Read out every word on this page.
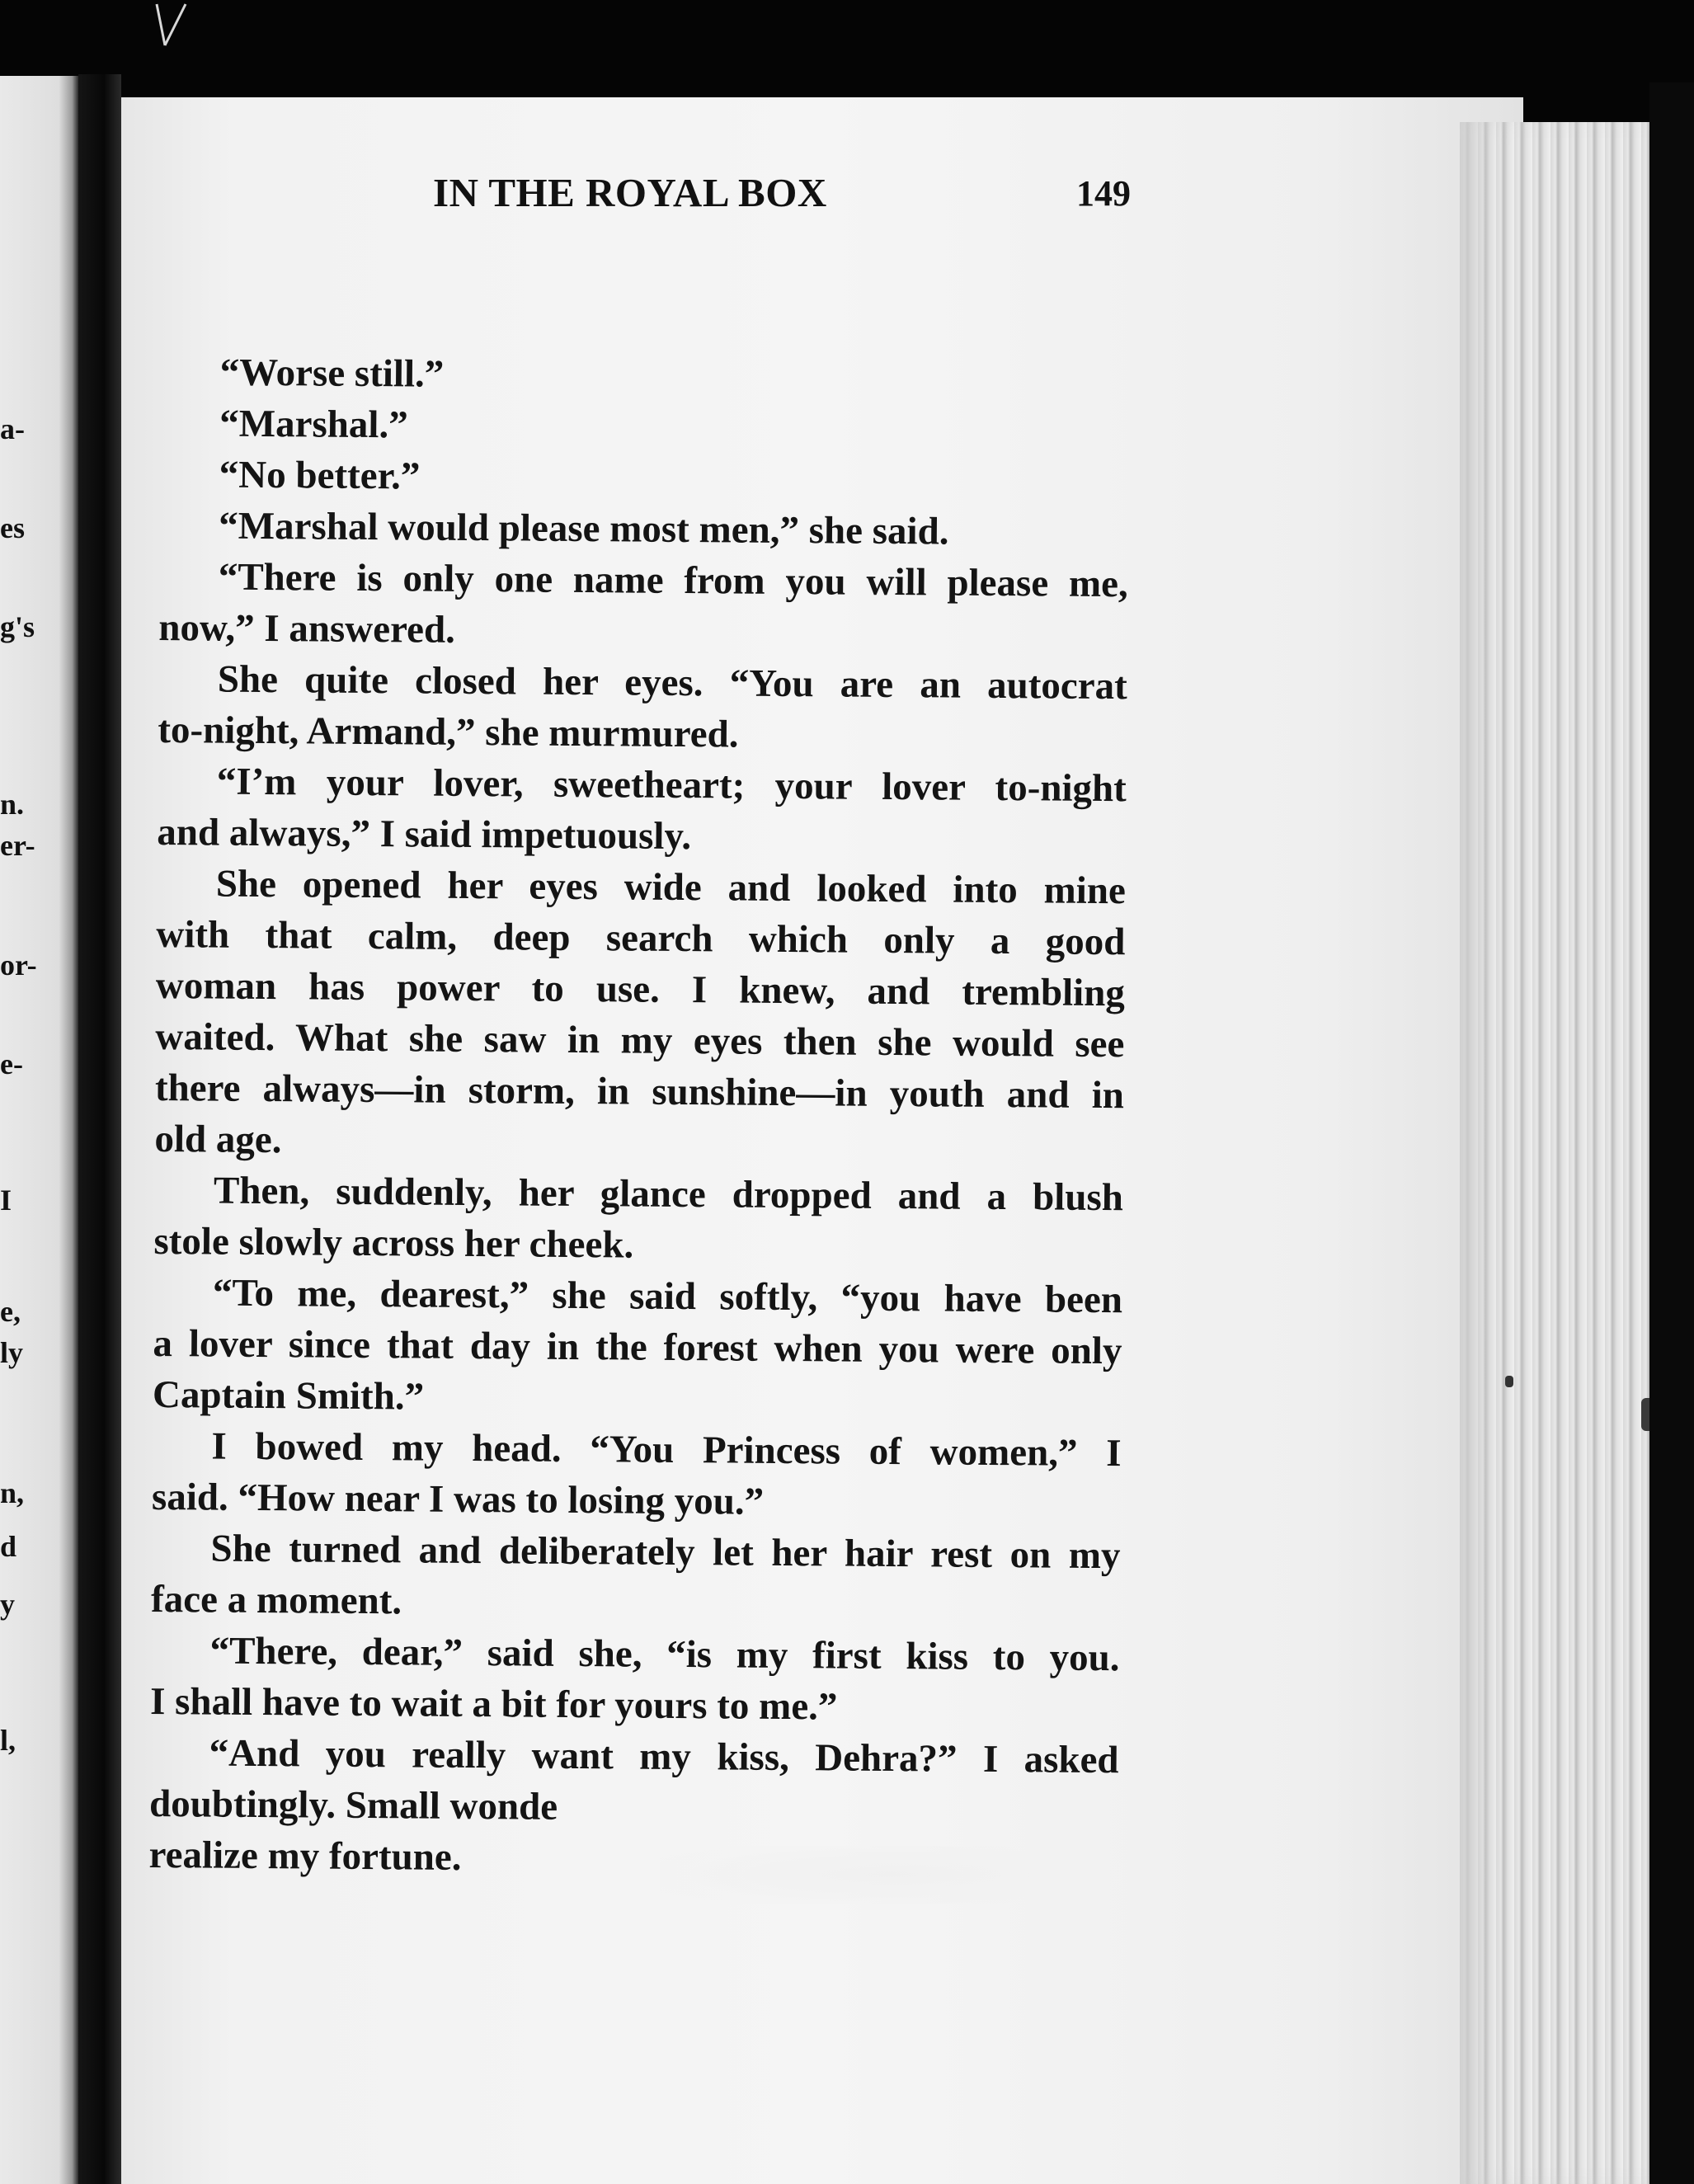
a-
es
g's
n.
er-
or-
e-
I
e,
ly
n,
d
y
l,
IN THE ROYAL BOX	149
“Worse still.”
“Marshal.”
“No better.”
“Marshal would please most men,” she said.
“There is only one name from you will please me,
now,” I answered.
She quite closed her eyes. “You are an autocrat
to-night, Armand,” she murmured.
“I’m your lover, sweetheart; your lover to-night
and always,” I said impetuously.
She opened her eyes wide and looked into mine
with that calm, deep search which only a good
woman has power to use. I knew, and trembling
waited. What she saw in my eyes then she would see
there always—in storm, in sunshine—in youth and in
old age.
Then, suddenly, her glance dropped and a blush
stole slowly across her cheek.
“To me, dearest,” she said softly, “you have been
a lover since that day in the forest when you were only
Captain Smith.”
I bowed my head. “You Princess of women,” I
said. “How near I was to losing you.”
She turned and deliberately let her hair rest on my
face a moment.
“There, dear,” said she, “is my first kiss to you.
I shall have to wait a bit for yours to me.”
“And you really want my kiss, Dehra?” I asked
doubtingly. Small wonde
realize my fortune.
